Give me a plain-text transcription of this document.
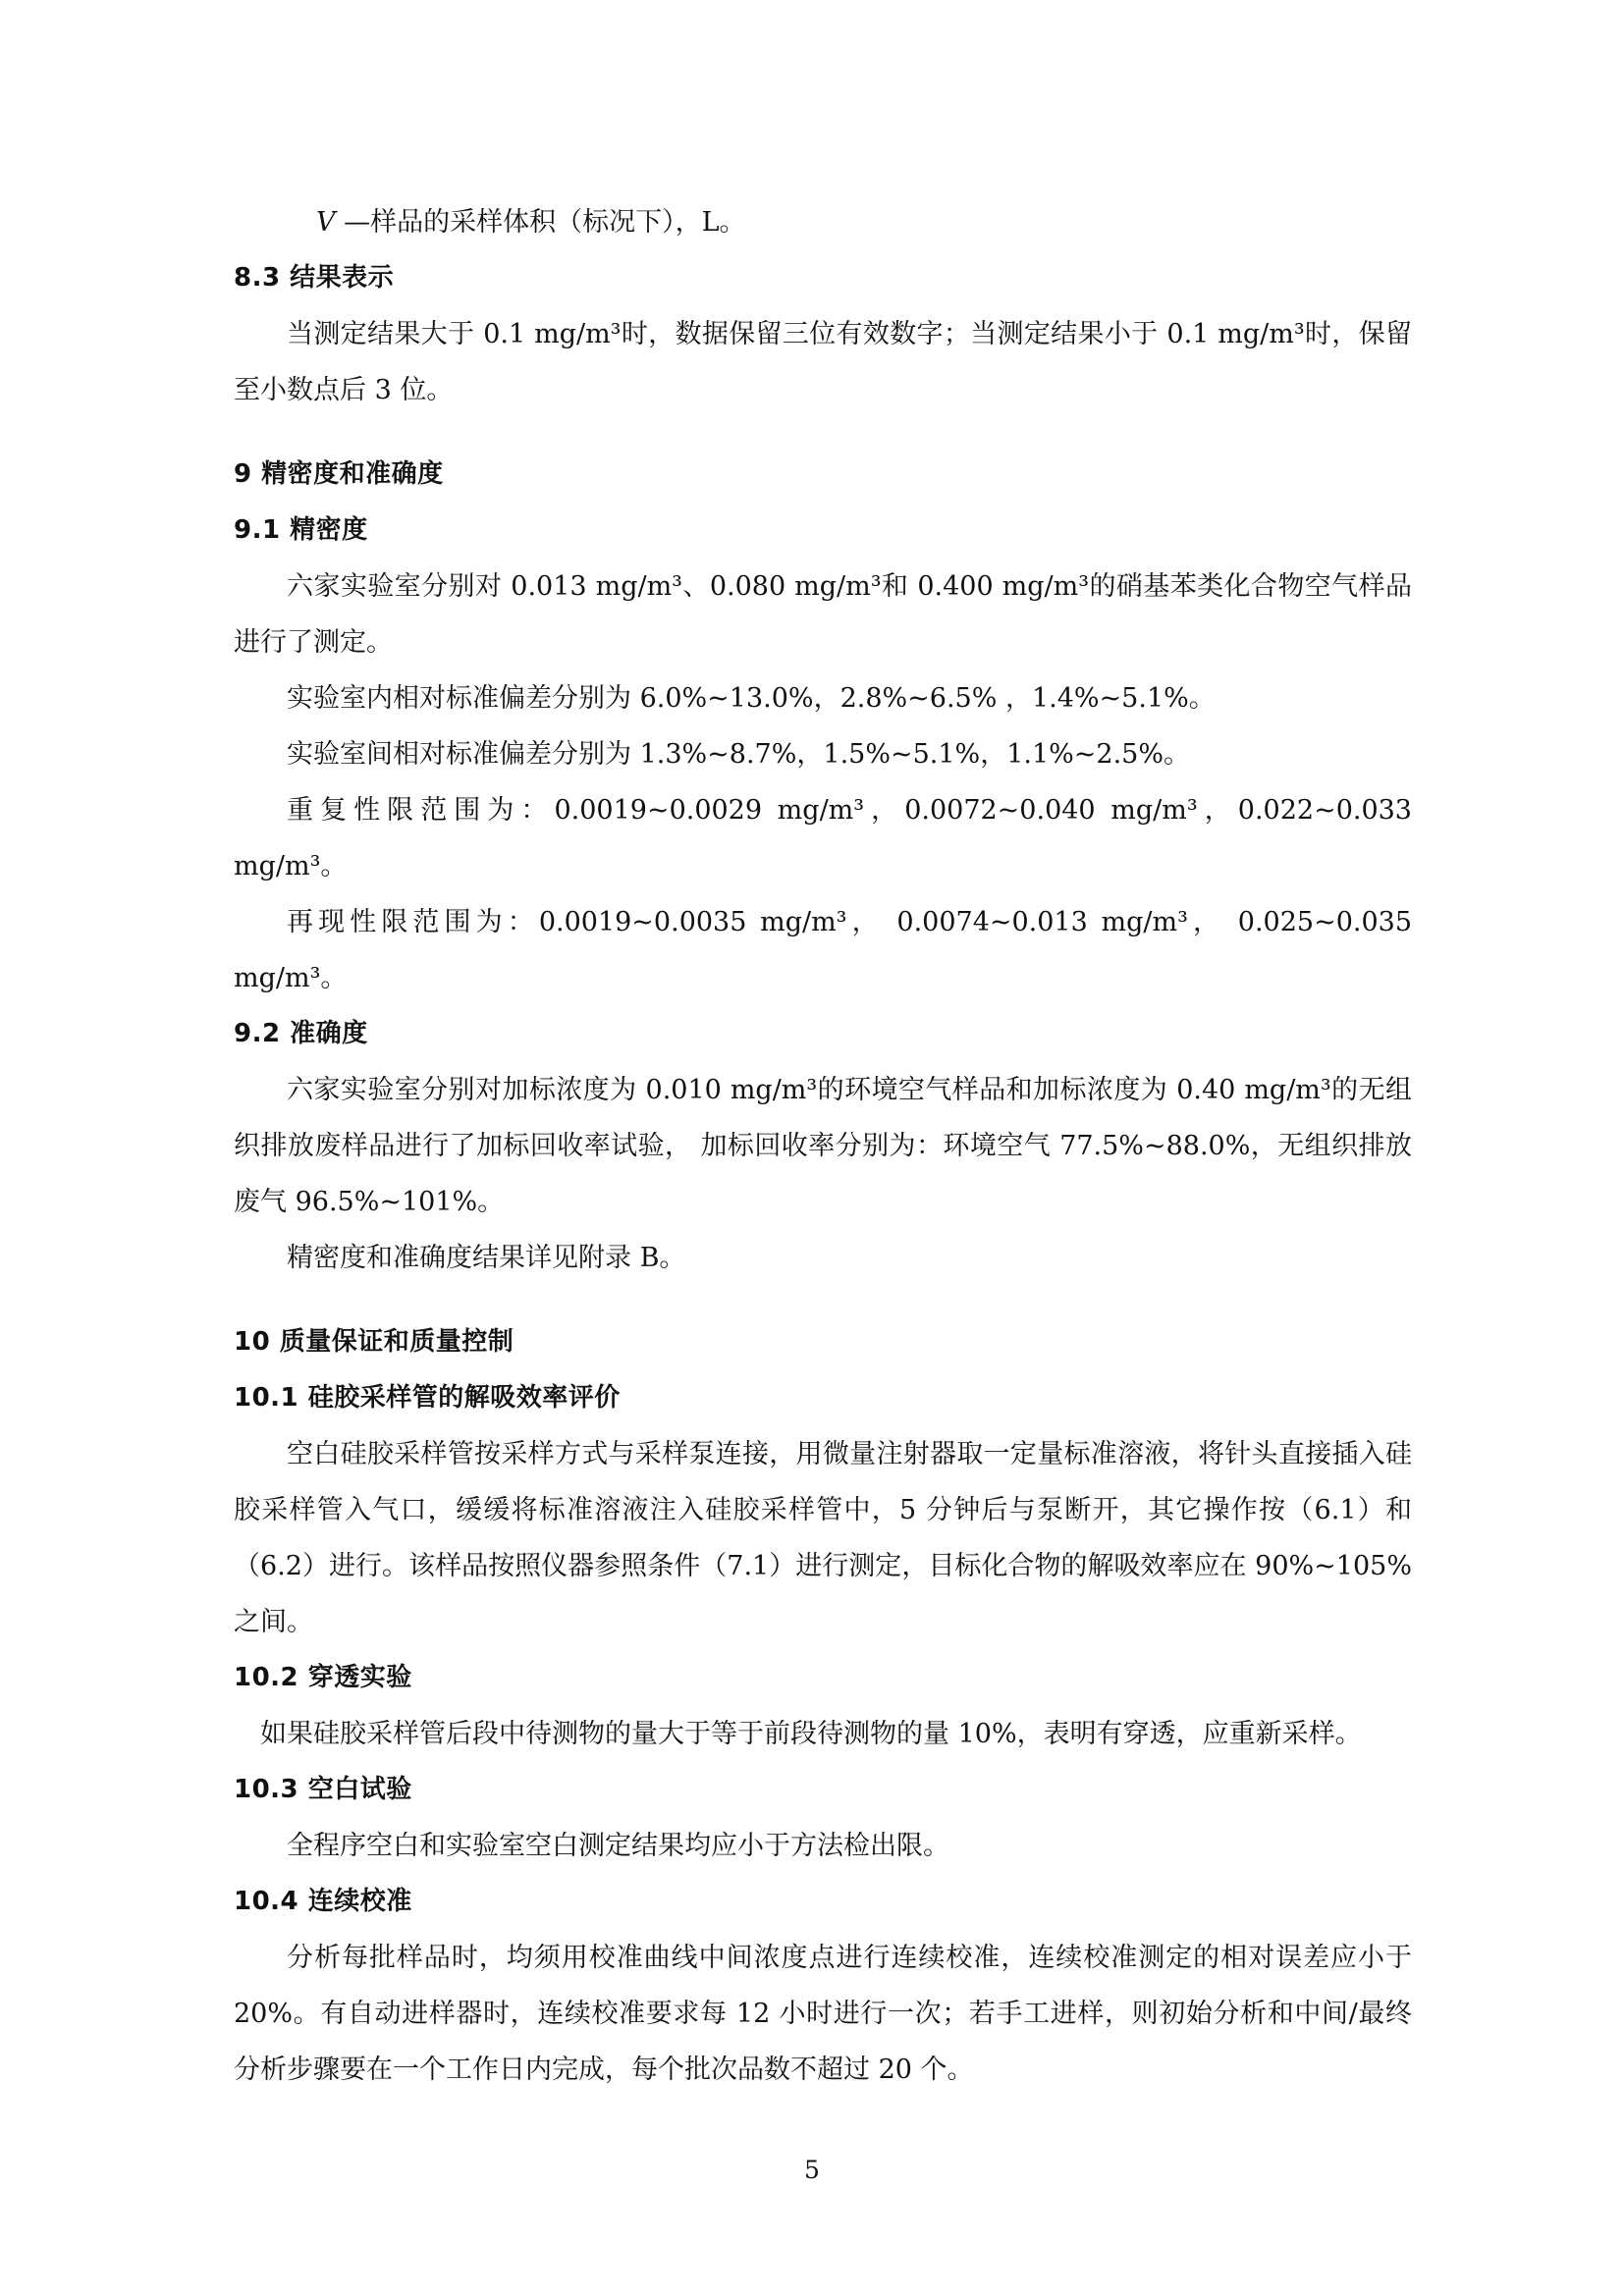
V —样品的采样体积（标况下），L。

8.3 结果表示

当测定结果大于 0.1 mg/m³时，数据保留三位有效数字；当测定结果小于 0.1 mg/m³时，保留至小数点后 3 位。

9 精密度和准确度
9.1 精密度

六家实验室分别对 0.013 mg/m³、0.080 mg/m³和 0.400 mg/m³的硝基苯类化合物空气样品进行了测定。

实验室内相对标准偏差分别为 6.0%~13.0%，2.8%~6.5% ，1.4%~5.1%。

实验室间相对标准偏差分别为 1.3%~8.7%，1.5%~5.1%，1.1%~2.5%。

重复性限范围为：0.0019~0.0029 mg/m³，0.0072~0.040 mg/m³，0.022~0.033 mg/m³。

再现性限范围为：0.0019~0.0035 mg/m³， 0.0074~0.013 mg/m³， 0.025~0.035 mg/m³。

9.2 准确度

六家实验室分别对加标浓度为 0.010 mg/m³的环境空气样品和加标浓度为 0.40 mg/m³的无组织排放废样品进行了加标回收率试验， 加标回收率分别为：环境空气 77.5%~88.0%，无组织排放废气 96.5%~101%。

精密度和准确度结果详见附录 B。

10 质量保证和质量控制
10.1 硅胶采样管的解吸效率评价

空白硅胶采样管按采样方式与采样泵连接，用微量注射器取一定量标准溶液，将针头直接插入硅胶采样管入气口，缓缓将标准溶液注入硅胶采样管中，5 分钟后与泵断开，其它操作按（6.1）和（6.2）进行。该样品按照仪器参照条件（7.1）进行测定，目标化合物的解吸效率应在 90%~105%之间。

10.2 穿透实验

如果硅胶采样管后段中待测物的量大于等于前段待测物的量 10%，表明有穿透，应重新采样。

10.3 空白试验

全程序空白和实验室空白测定结果均应小于方法检出限。

10.4 连续校准

分析每批样品时，均须用校准曲线中间浓度点进行连续校准，连续校准测定的相对误差应小于 20%。有自动进样器时，连续校准要求每 12 小时进行一次；若手工进样，则初始分析和中间/最终分析步骤要在一个工作日内完成，每个批次品数不超过 20 个。

5
